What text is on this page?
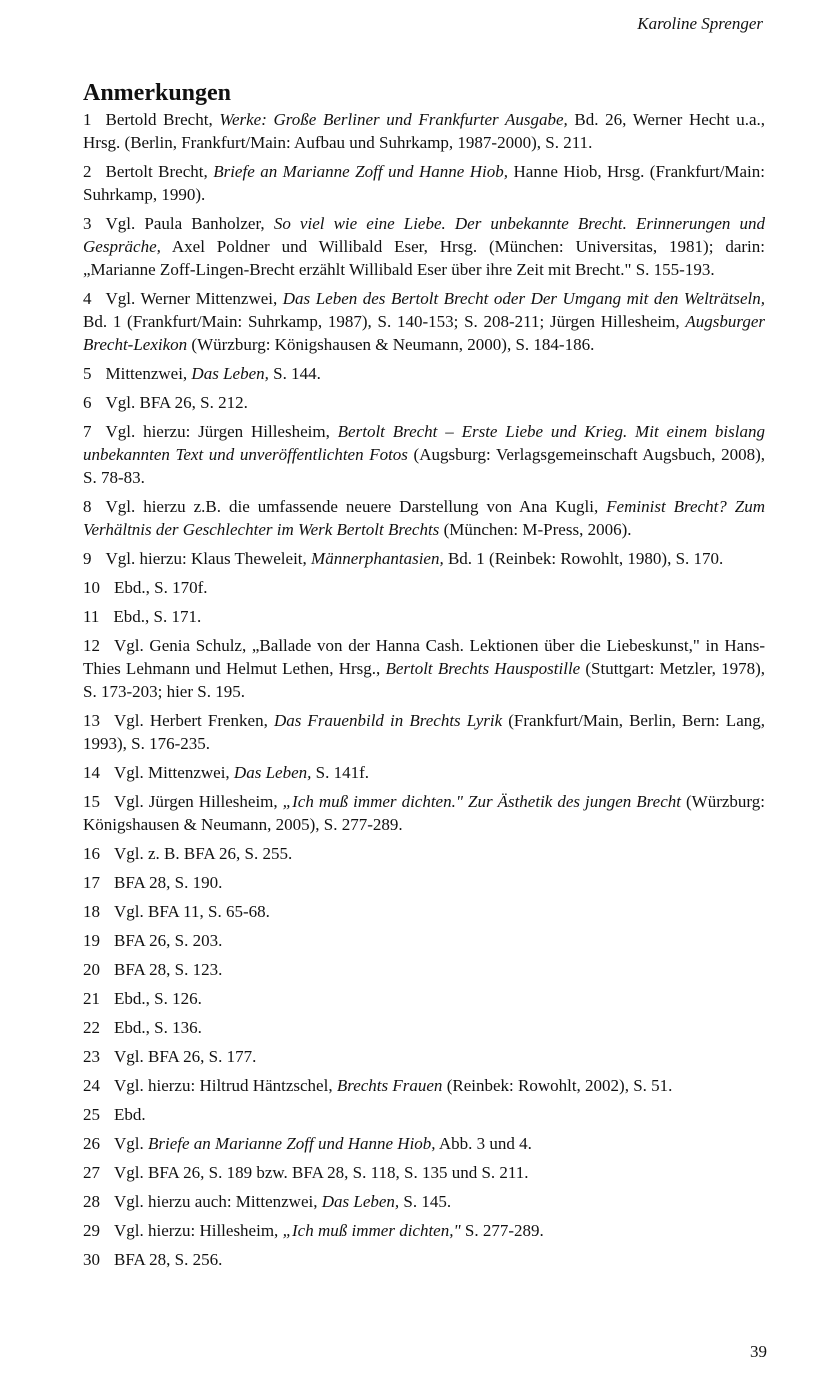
Karoline Sprenger
Anmerkungen
1 Bertold Brecht, Werke: Große Berliner und Frankfurter Ausgabe, Bd. 26, Werner Hecht u.a., Hrsg. (Berlin, Frankfurt/Main: Aufbau und Suhrkamp, 1987-2000), S. 211.
2 Bertolt Brecht, Briefe an Marianne Zoff und Hanne Hiob, Hanne Hiob, Hrsg. (Frankfurt/Main: Suhrkamp, 1990).
3 Vgl. Paula Banholzer, So viel wie eine Liebe. Der unbekannte Brecht. Erinnerungen und Gespräche, Axel Poldner und Willibald Eser, Hrsg. (München: Universitas, 1981); darin: „Marianne Zoff-Lingen-Brecht erzählt Willibald Eser über ihre Zeit mit Brecht." S. 155-193.
4 Vgl. Werner Mittenzwei, Das Leben des Bertolt Brecht oder Der Umgang mit den Welträtseln, Bd. 1 (Frankfurt/Main: Suhrkamp, 1987), S. 140-153; S. 208-211; Jürgen Hillesheim, Augsburger Brecht-Lexikon (Würzburg: Königshausen & Neumann, 2000), S. 184-186.
5 Mittenzwei, Das Leben, S. 144.
6 Vgl. BFA 26, S. 212.
7 Vgl. hierzu: Jürgen Hillesheim, Bertolt Brecht – Erste Liebe und Krieg. Mit einem bislang unbekannten Text und unveröffentlichten Fotos (Augsburg: Verlagsgemeinschaft Augsbuch, 2008), S. 78-83.
8 Vgl. hierzu z.B. die umfassende neuere Darstellung von Ana Kugli, Feminist Brecht? Zum Verhältnis der Geschlechter im Werk Bertolt Brechts (München: M-Press, 2006).
9 Vgl. hierzu: Klaus Theweleit, Männerphantasien, Bd. 1 (Reinbek: Rowohlt, 1980), S. 170.
10 Ebd., S. 170f.
11 Ebd., S. 171.
12 Vgl. Genia Schulz, „Ballade von der Hanna Cash. Lektionen über die Liebeskunst," in Hans-Thies Lehmann und Helmut Lethen, Hrsg., Bertolt Brechts Hauspostille (Stuttgart: Metzler, 1978), S. 173-203; hier S. 195.
13 Vgl. Herbert Frenken, Das Frauenbild in Brechts Lyrik (Frankfurt/Main, Berlin, Bern: Lang, 1993), S. 176-235.
14 Vgl. Mittenzwei, Das Leben, S. 141f.
15 Vgl. Jürgen Hillesheim, „Ich muß immer dichten." Zur Ästhetik des jungen Brecht (Würzburg: Königshausen & Neumann, 2005), S. 277-289.
16 Vgl. z. B. BFA 26, S. 255.
17 BFA 28, S. 190.
18 Vgl. BFA 11, S. 65-68.
19 BFA 26, S. 203.
20 BFA 28, S. 123.
21 Ebd., S. 126.
22 Ebd., S. 136.
23 Vgl. BFA 26, S. 177.
24 Vgl. hierzu: Hiltrud Häntzschel, Brechts Frauen (Reinbek: Rowohlt, 2002), S. 51.
25 Ebd.
26 Vgl. Briefe an Marianne Zoff und Hanne Hiob, Abb. 3 und 4.
27 Vgl. BFA 26, S. 189 bzw. BFA 28, S. 118, S. 135 und S. 211.
28 Vgl. hierzu auch: Mittenzwei, Das Leben, S. 145.
29 Vgl. hierzu: Hillesheim, „Ich muß immer dichten," S. 277-289.
30 BFA 28, S. 256.
39
